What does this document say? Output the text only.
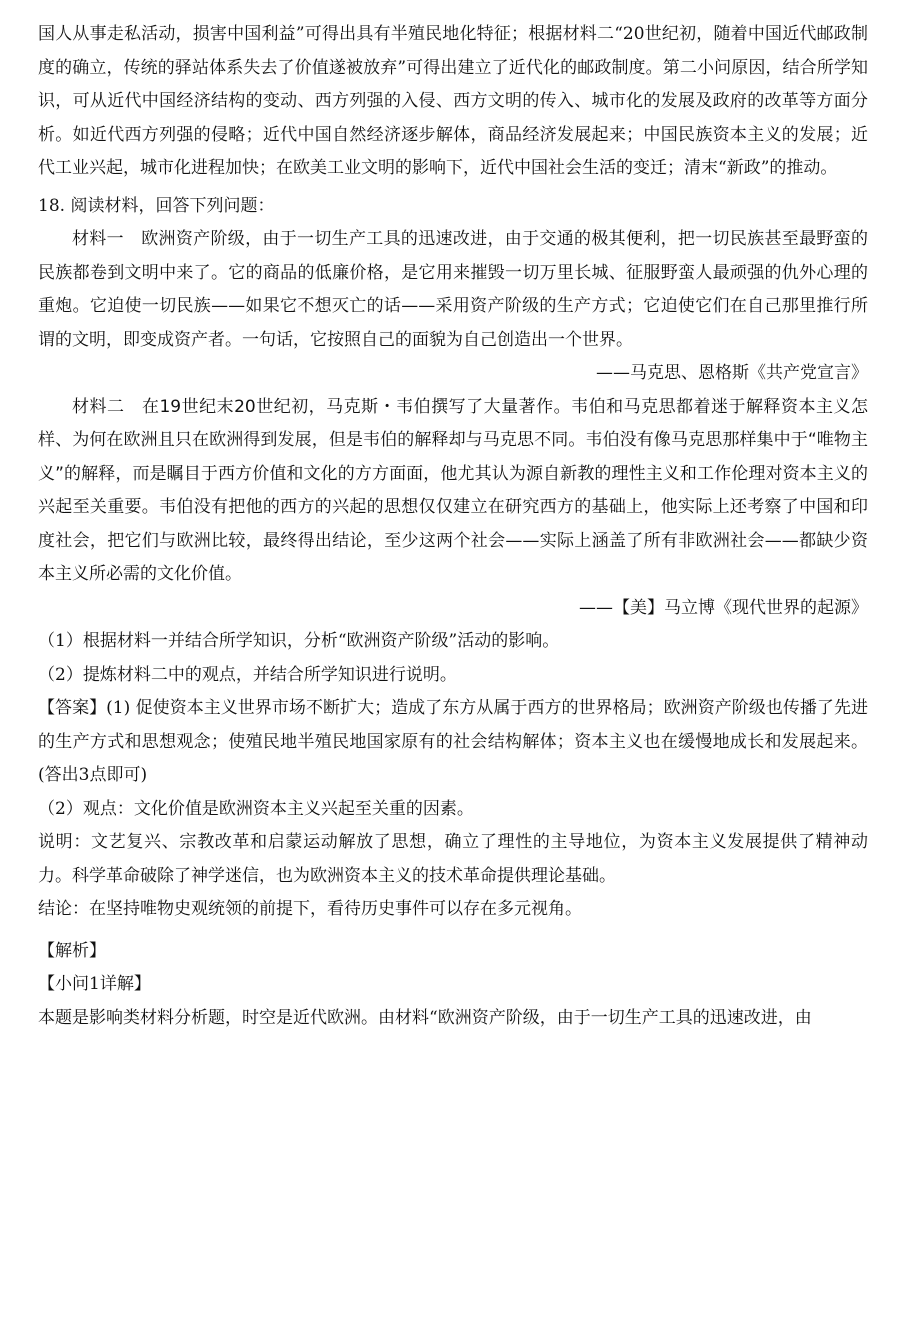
国人从事走私活动，损害中国利益”可得出具有半殖民地化特征；根据材料二“20世纪初，随着中国近代邮政制度的确立，传统的驿站体系失去了价值遂被放弃”可得出建立了近代化的邮政制度。第二小问原因，结合所学知识，可从近代中国经济结构的变动、西方列强的入侵、西方文明的传入、城市化的发展及政府的改革等方面分析。如近代西方列强的侵略；近代中国自然经济逐步解体，商品经济发展起来；中国民族资本主义的发展；近代工业兴起，城市化进程加快；在欧美工业文明的影响下，近代中国社会生活的变迁；清末“新政”的推动。

18. 阅读材料，回答下列问题：

材料一　欧洲资产阶级，由于一切生产工具的迅速改进，由于交通的极其便利，把一切民族甚至最野蛮的民族都卷到文明中来了。它的商品的低廉价格，是它用来摧毁一切万里长城、征服野蛮人最顽强的仇外心理的重炮。它迫使一切民族——如果它不想灭亡的话——采用资产阶级的生产方式；它迫使它们在自己那里推行所谓的文明，即变成资产者。一句话，它按照自己的面貌为自己创造出一个世界。

——马克思、恩格斯《共产党宣言》

材料二　在19世纪末20世纪初，马克斯・韦伯撰写了大量著作。韦伯和马克思都着迷于解释资本主义怎样、为何在欧洲且只在欧洲得到发展，但是韦伯的解释却与马克思不同。韦伯没有像马克思那样集中于“唯物主义”的解释，而是瞩目于西方价值和文化的方方面面，他尤其认为源自新教的理性主义和工作伦理对资本主义的兴起至关重要。韦伯没有把他的西方的兴起的思想仅仅建立在研究西方的基础上，他实际上还考察了中国和印度社会，把它们与欧洲比较，最终得出结论，至少这两个社会——实际上涵盖了所有非欧洲社会——都缺少资本主义所必需的文化价值。

——【美】马立博《现代世界的起源》

（1）根据材料一并结合所学知识，分析“欧洲资产阶级”活动的影响。

（2）提炼材料二中的观点，并结合所学知识进行说明。

【答案】(1) 促使资本主义世界市场不断扩大；造成了东方从属于西方的世界格局；欧洲资产阶级也传播了先进的生产方式和思想观念；使殖民地半殖民地国家原有的社会结构解体；资本主义也在缓慢地成长和发展起来。(答出3点即可)

（2）观点：文化价值是欧洲资本主义兴起至关重的因素。

说明：文艺复兴、宗教改革和启蒙运动解放了思想，确立了理性的主导地位，为资本主义发展提供了精神动力。科学革命破除了神学迷信，也为欧洲资本主义的技术革命提供理论基础。

结论：在坚持唯物史观统领的前提下，看待历史事件可以存在多元视角。

【解析】

【小问1详解】

本题是影响类材料分析题，时空是近代欧洲。由材料“欧洲资产阶级，由于一切生产工具的迅速改进，由
